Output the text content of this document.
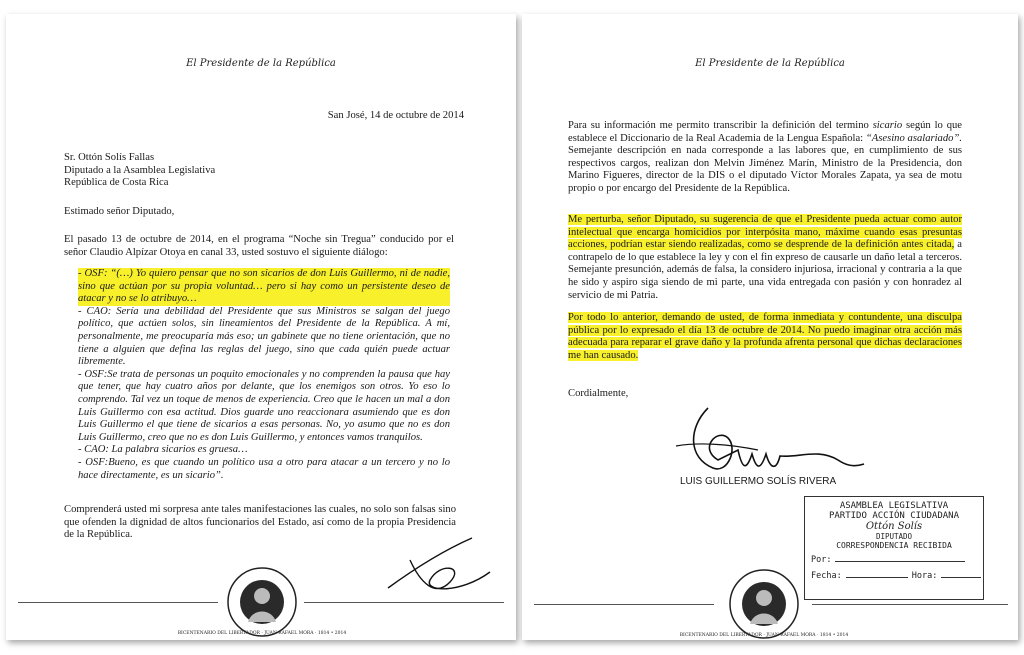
El Presidente de la República

San José, 14 de octubre de 2014

Sr. Ottón Solís Fallas
Diputado a la Asamblea Legislativa
República de Costa Rica

Estimado señor Diputado,

El pasado 13 de octubre de 2014, en el programa “Noche sin Tregua” conducido por el señor Claudio Alpízar Otoya en canal 33, usted sostuvo el siguiente diálogo:

- OSF: “(…) Yo quiero pensar que no son sicarios de don Luis Guillermo, ni de nadie, sino que actúan por su propia voluntad… pero si hay como un persistente deseo de atacar y no se lo atribuyo…
- CAO: Sería una debilidad del Presidente que sus Ministros se salgan del juego político, que actúen solos, sin lineamientos del Presidente de la República. A mí, personalmente, me preocuparía más eso; un gabinete que no tiene orientación, que no tiene a alguien que defina las reglas del juego, sino que cada quién puede actuar libremente.
- OSF:Se trata de personas un poquito emocionales y no comprenden la pausa que hay que tener, que hay cuatro años por delante, que los enemigos son otros. Yo eso lo comprendo. Tal vez un toque de menos de experiencia. Creo que le hacen un mal a don Luis Guillermo con esa actitud. Dios guarde uno reaccionara asumiendo que es don Luis Guillermo el que tiene de sicarios a esas personas. No, yo asumo que no es don Luis Guillermo, creo que no es don Luis Guillermo, y entonces vamos tranquilos.
- CAO: La palabra sicarios es gruesa…
- OSF:Bueno, es que cuando un político usa a otro para atacar a un tercero y no lo hace directamente, es un sicario”.

Comprenderá usted mi sorpresa ante tales manifestaciones las cuales, no solo son falsas sino que ofenden la dignidad de altos funcionarios del Estado, así como de la propia Presidencia de la República.

BICENTENARIO DEL LIBERTADOR · JUAN RAFAEL MORA · 1814 • 2014
El Presidente de la República

Para su información me permito transcribir la definición del termino sicario según lo que establece el Diccionario de la Real Academia de la Lengua Española: “Asesino asalariado”. Semejante descripción en nada corresponde a las labores que, en cumplimiento de sus respectivos cargos, realizan don Melvin Jiménez Marín, Ministro de la Presidencia, don Marino Figueres, director de la DIS o el diputado Víctor Morales Zapata, ya sea de motu propio o por encargo del Presidente de la República.

Me perturba, señor Diputado, su sugerencia de que el Presidente pueda actuar como autor intelectual que encarga homicidios por interpósita mano, máxime cuando esas presuntas acciones, podrían estar siendo realizadas, como se desprende de la definición antes citada, a contrapelo de lo que establece la ley y con el fin expreso de causarle un daño letal a terceros. Semejante presunción, además de falsa, la considero injuriosa, irracional y contraria a la que he sido y aspiro siga siendo de mi parte, una vida entregada con pasión y con honradez al servicio de mi Patria.

Por todo lo anterior, demando de usted, de forma inmediata y contundente, una disculpa pública por lo expresado el día 13 de octubre de 2014. No puedo imaginar otra acción más adecuada para reparar el grave daño y la profunda afrenta personal que dichas declaraciones me han causado.

Cordialmente,

LUIS GUILLERMO SOLÍS RIVERA

ASAMBLEA LEGISLATIVA
PARTIDO ACCIÓN CIUDADANA
Ottón Solís
DIPUTADO
CORRESPONDENCIA RECIBIDA
Por:
Fecha:	Hora:
BICENTENARIO DEL LIBERTADOR · JUAN RAFAEL MORA · 1814 • 2014
